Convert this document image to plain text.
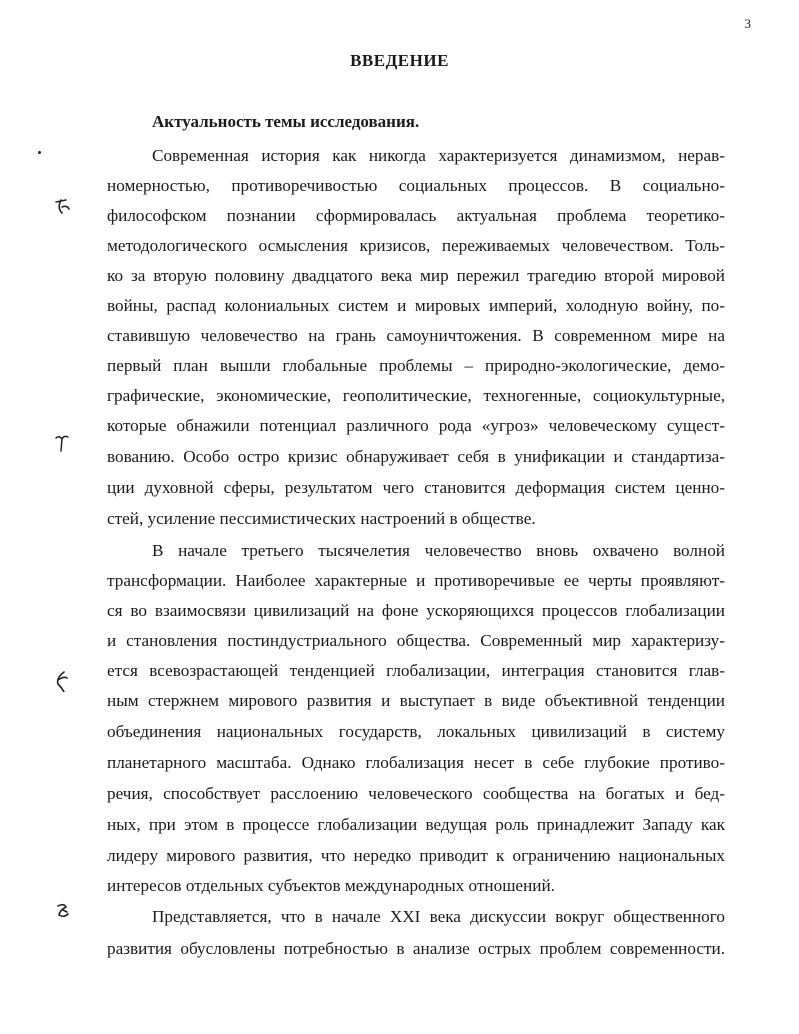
3
ВВЕДЕНИЕ
Актуальность темы исследования.
Современная история как никогда характеризуется динамизмом, нерав-
номерностью, противоречивостью социальных процессов. В социально-
философском познании сформировалась актуальная проблема теоретико-
методологического осмысления кризисов, переживаемых человечеством. Толь-
ко за вторую половину двадцатого века мир пережил трагедию второй мировой
войны, распад колониальных систем и мировых империй, холодную войну, по-
ставившую человечество на грань самоуничтожения. В современном мире на
первый план вышли глобальные проблемы – природно-экологические, демо-
графические, экономические, геополитические, техногенные, социокультурные,
которые обнажили потенциал различного рода «угроз» человеческому сущест-
вованию. Особо остро кризис обнаруживает себя в унификации и стандартиза-
ции духовной сферы, результатом чего становится деформация систем ценно-
стей, усиление пессимистических настроений в обществе.
В начале третьего тысячелетия человечество вновь охвачено волной
трансформации. Наиболее характерные и противоречивые ее черты проявляют-
ся во взаимосвязи цивилизаций на фоне ускоряющихся процессов глобализации
и становления постиндустриального общества. Современный мир характеризу-
ется всевозрастающей тенденцией глобализации, интеграция становится глав-
ным стержнем мирового развития и выступает в виде объективной тенденции
объединения национальных государств, локальных цивилизаций в систему
планетарного масштаба. Однако глобализация несет в себе глубокие противо-
речия, способствует расслоению человеческого сообщества на богатых и бед-
ных, при этом в процессе глобализации ведущая роль принадлежит Западу как
лидеру мирового развития, что нередко приводит к ограничению национальных
интересов отдельных субъектов международных отношений.
Представляется, что в начале XXI века дискуссии вокруг общественного
развития обусловлены потребностью в анализе острых проблем современности.
